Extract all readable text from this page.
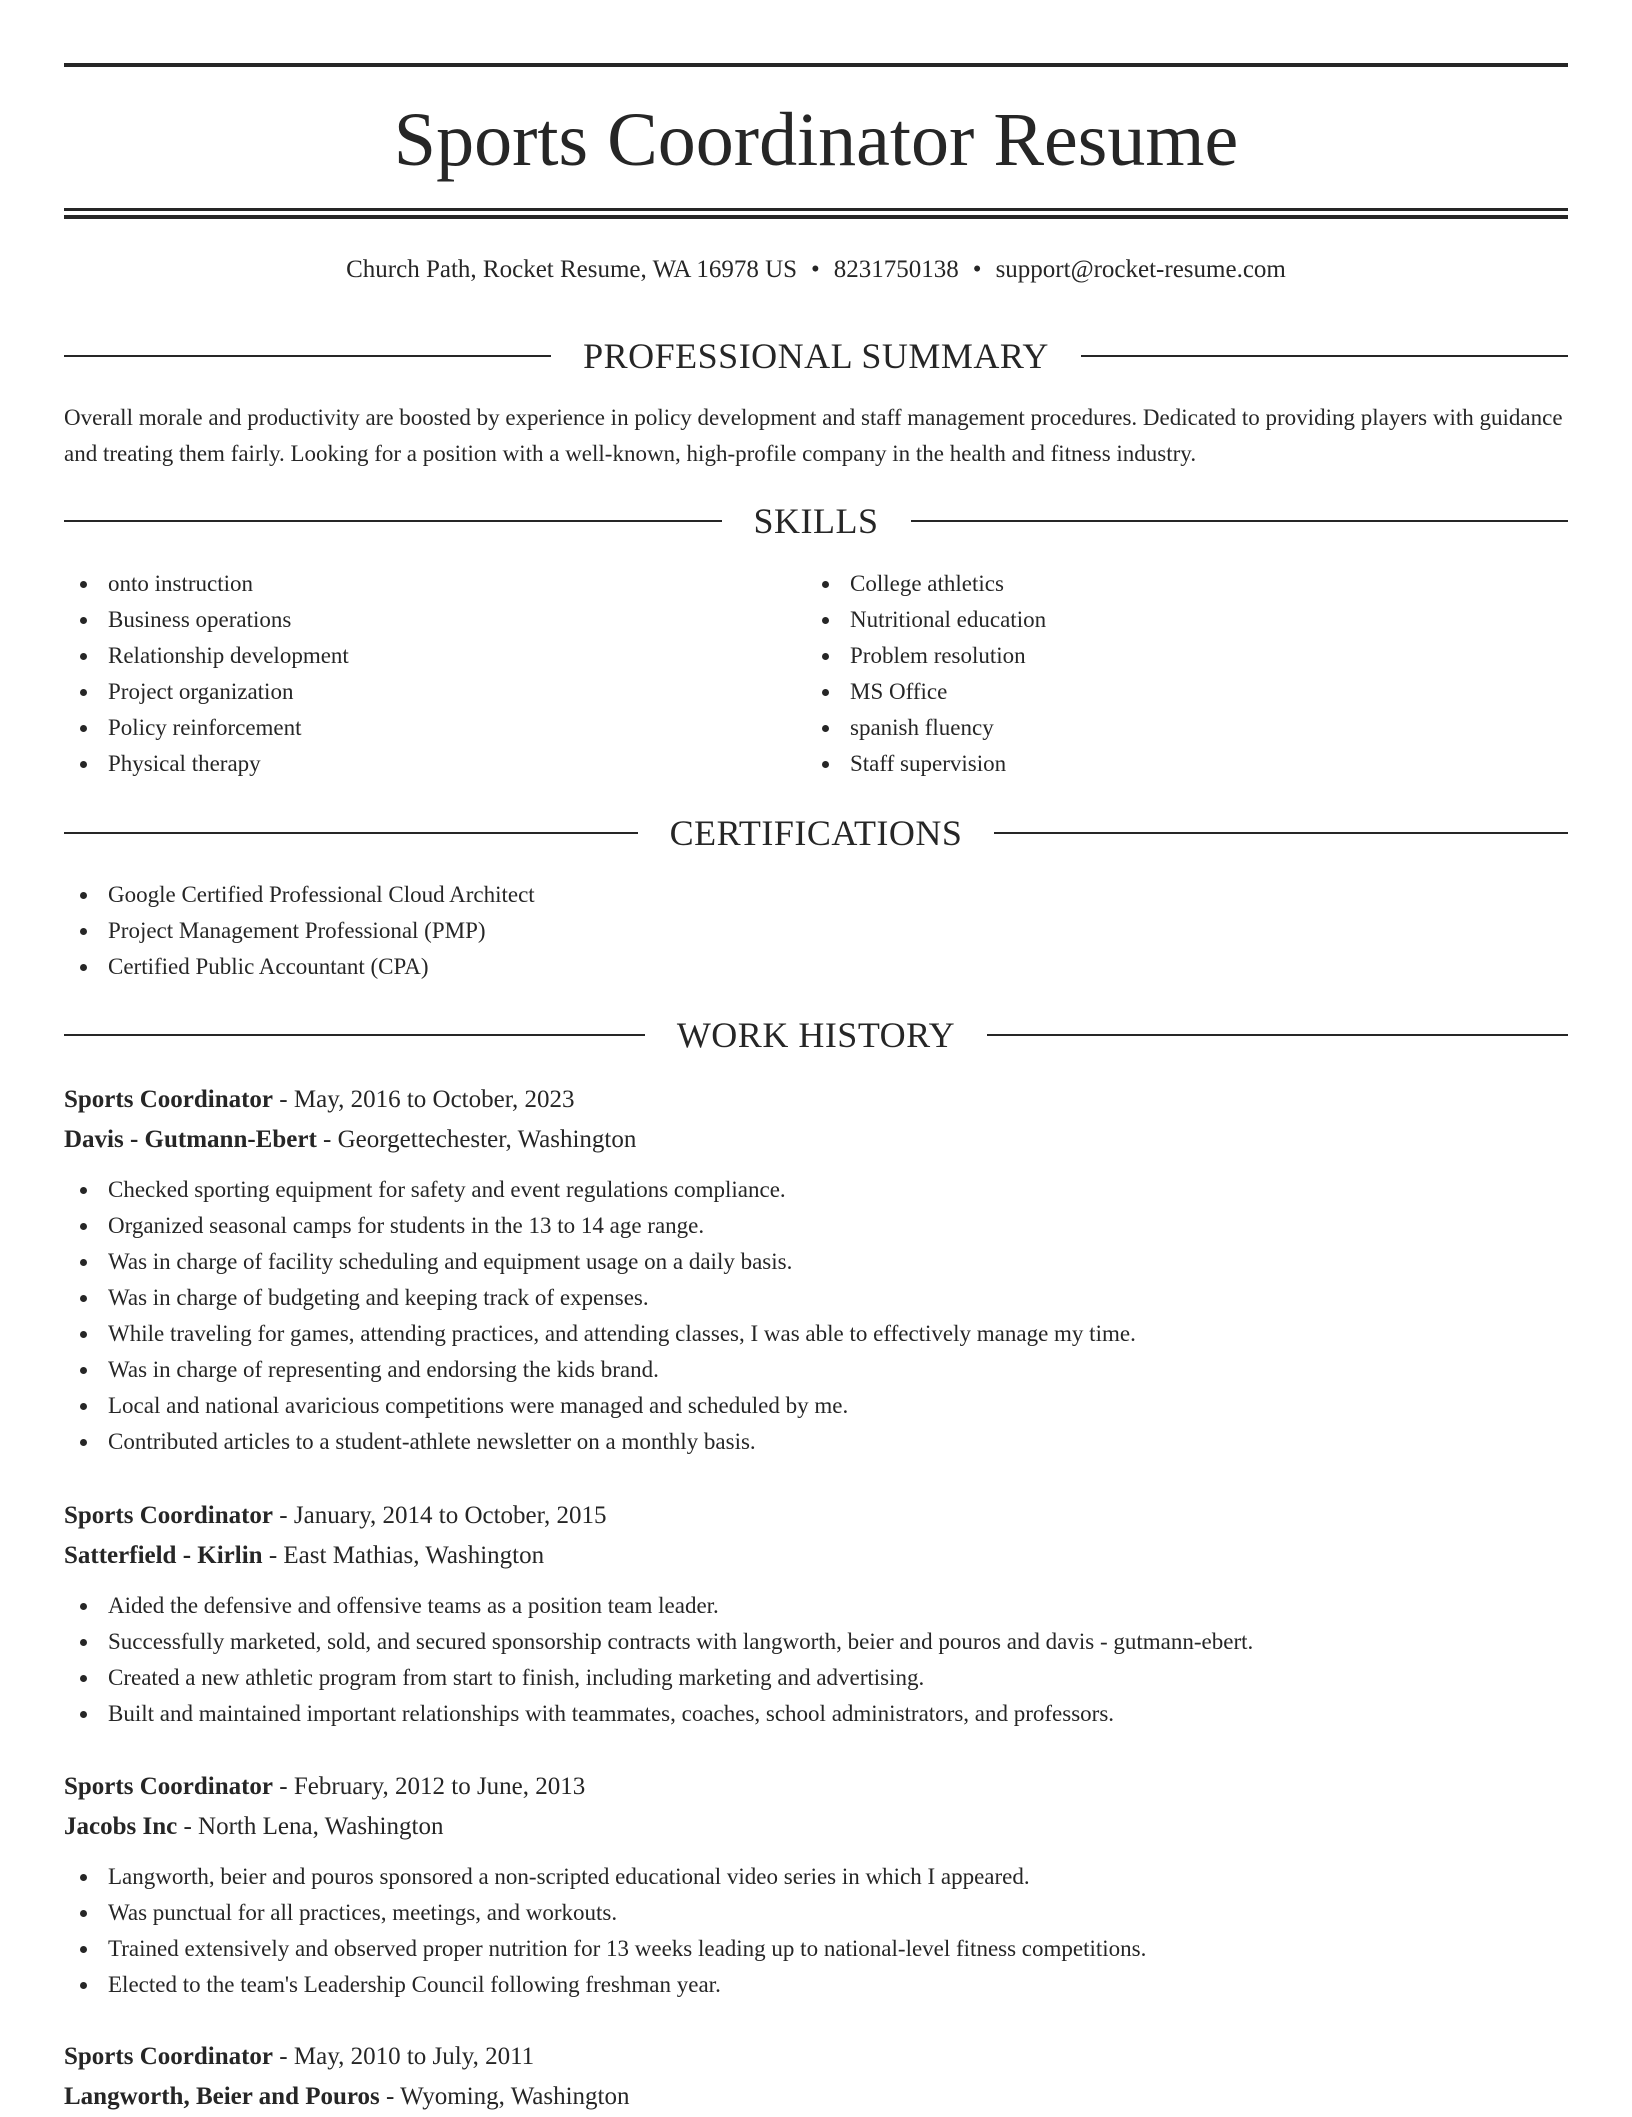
Sports Coordinator Resume
Church Path, Rocket Resume, WA 16978 US • 8231750138 • support@rocket-resume.com
PROFESSIONAL SUMMARY

Overall morale and productivity are boosted by experience in policy development and staff management procedures. Dedicated to providing players with guidance and treating them fairly. Looking for a position with a well-known, high-profile company in the health and fitness industry.

SKILLS
onto instruction
Business operations
Relationship development
Project organization
Policy reinforcement
Physical therapy
College athletics
Nutritional education
Problem resolution
MS Office
spanish fluency
Staff supervision
CERTIFICATIONS
Google Certified Professional Cloud Architect
Project Management Professional (PMP)
Certified Public Accountant (CPA)
WORK HISTORY
Sports Coordinator - May, 2016 to October, 2023
Davis - Gutmann-Ebert - Georgettechester, Washington
Checked sporting equipment for safety and event regulations compliance.
Organized seasonal camps for students in the 13 to 14 age range.
Was in charge of facility scheduling and equipment usage on a daily basis.
Was in charge of budgeting and keeping track of expenses.
While traveling for games, attending practices, and attending classes, I was able to effectively manage my time.
Was in charge of representing and endorsing the kids brand.
Local and national avaricious competitions were managed and scheduled by me.
Contributed articles to a student-athlete newsletter on a monthly basis.
Sports Coordinator - January, 2014 to October, 2015
Satterfield - Kirlin - East Mathias, Washington
Aided the defensive and offensive teams as a position team leader.
Successfully marketed, sold, and secured sponsorship contracts with langworth, beier and pouros and davis - gutmann-ebert.
Created a new athletic program from start to finish, including marketing and advertising.
Built and maintained important relationships with teammates, coaches, school administrators, and professors.
Sports Coordinator - February, 2012 to June, 2013
Jacobs Inc - North Lena, Washington
Langworth, beier and pouros sponsored a non-scripted educational video series in which I appeared.
Was punctual for all practices, meetings, and workouts.
Trained extensively and observed proper nutrition for 13 weeks leading up to national-level fitness competitions.
Elected to the team's Leadership Council following freshman year.
Sports Coordinator - May, 2010 to July, 2011
Langworth, Beier and Pouros - Wyoming, Washington
